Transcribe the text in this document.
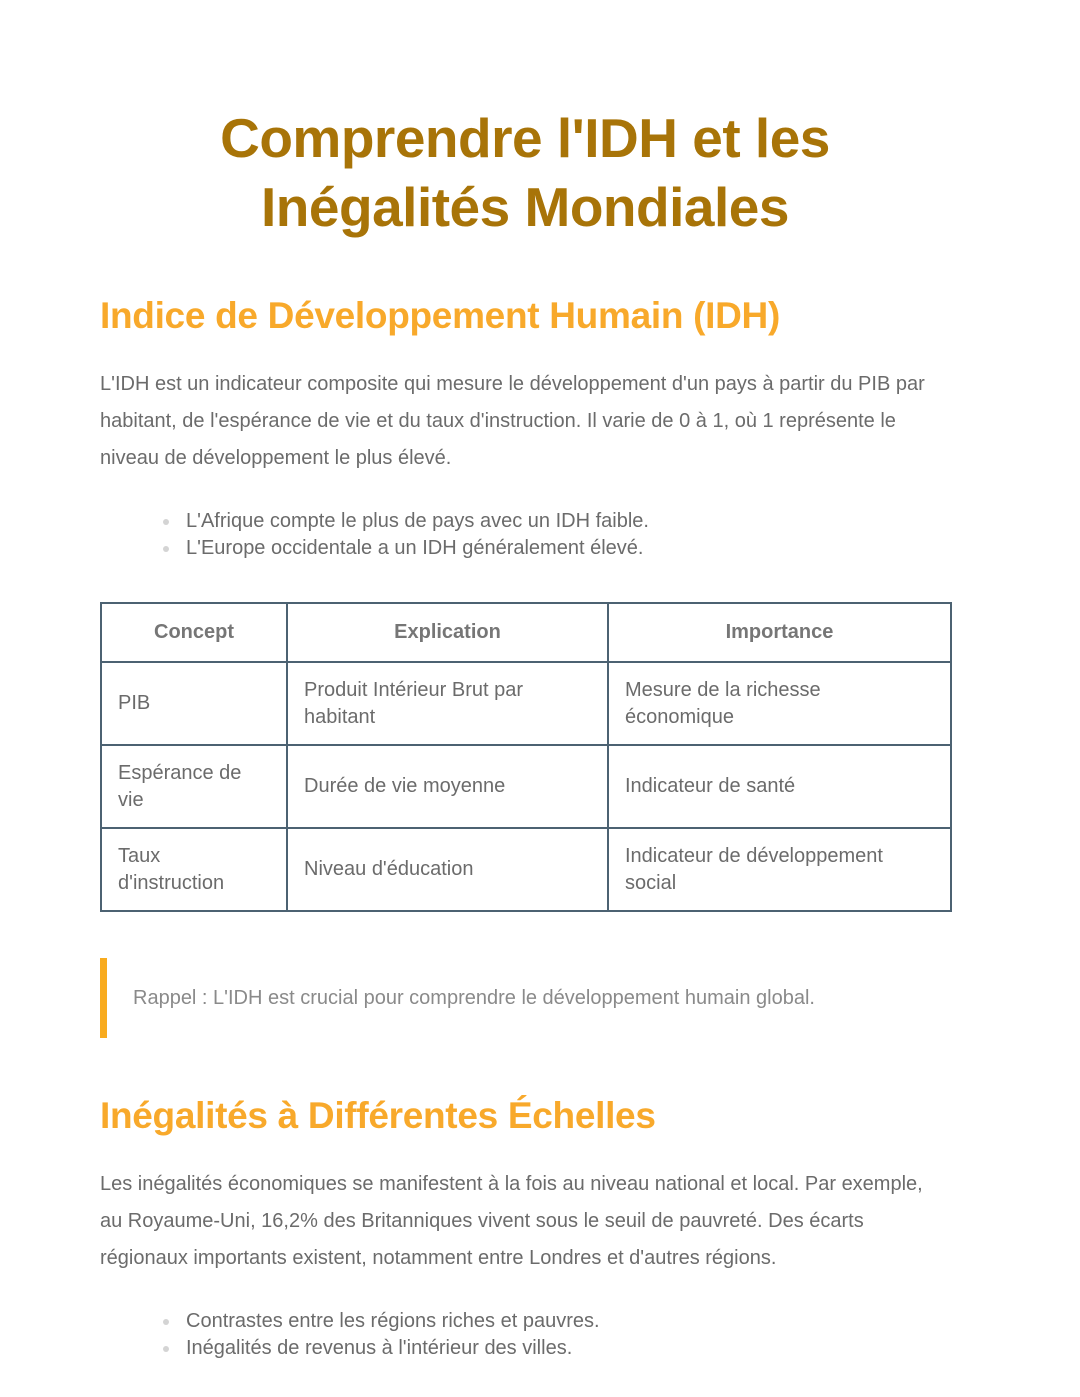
Comprendre l'IDH et les Inégalités Mondiales
Indice de Développement Humain (IDH)

L'IDH est un indicateur composite qui mesure le développement d'un pays à partir du PIB par habitant, de l'espérance de vie et du taux d'instruction. Il varie de 0 à 1, où 1 représente le niveau de développement le plus élevé.

L'Afrique compte le plus de pays avec un IDH faible.
L'Europe occidentale a un IDH généralement élevé.
Concept	Explication	Importance
PIB	Produit Intérieur Brut par habitant	Mesure de la richesse économique
Espérance de vie	Durée de vie moyenne	Indicateur de santé
Taux d'instruction	Niveau d'éducation	Indicateur de développement social
Rappel : L'IDH est crucial pour comprendre le développement humain global.
Inégalités à Différentes Échelles

Les inégalités économiques se manifestent à la fois au niveau national et local. Par exemple, au Royaume-Uni, 16,2% des Britanniques vivent sous le seuil de pauvreté. Des écarts régionaux importants existent, notamment entre Londres et d'autres régions.

Contrastes entre les régions riches et pauvres.
Inégalités de revenus à l'intérieur des villes.
